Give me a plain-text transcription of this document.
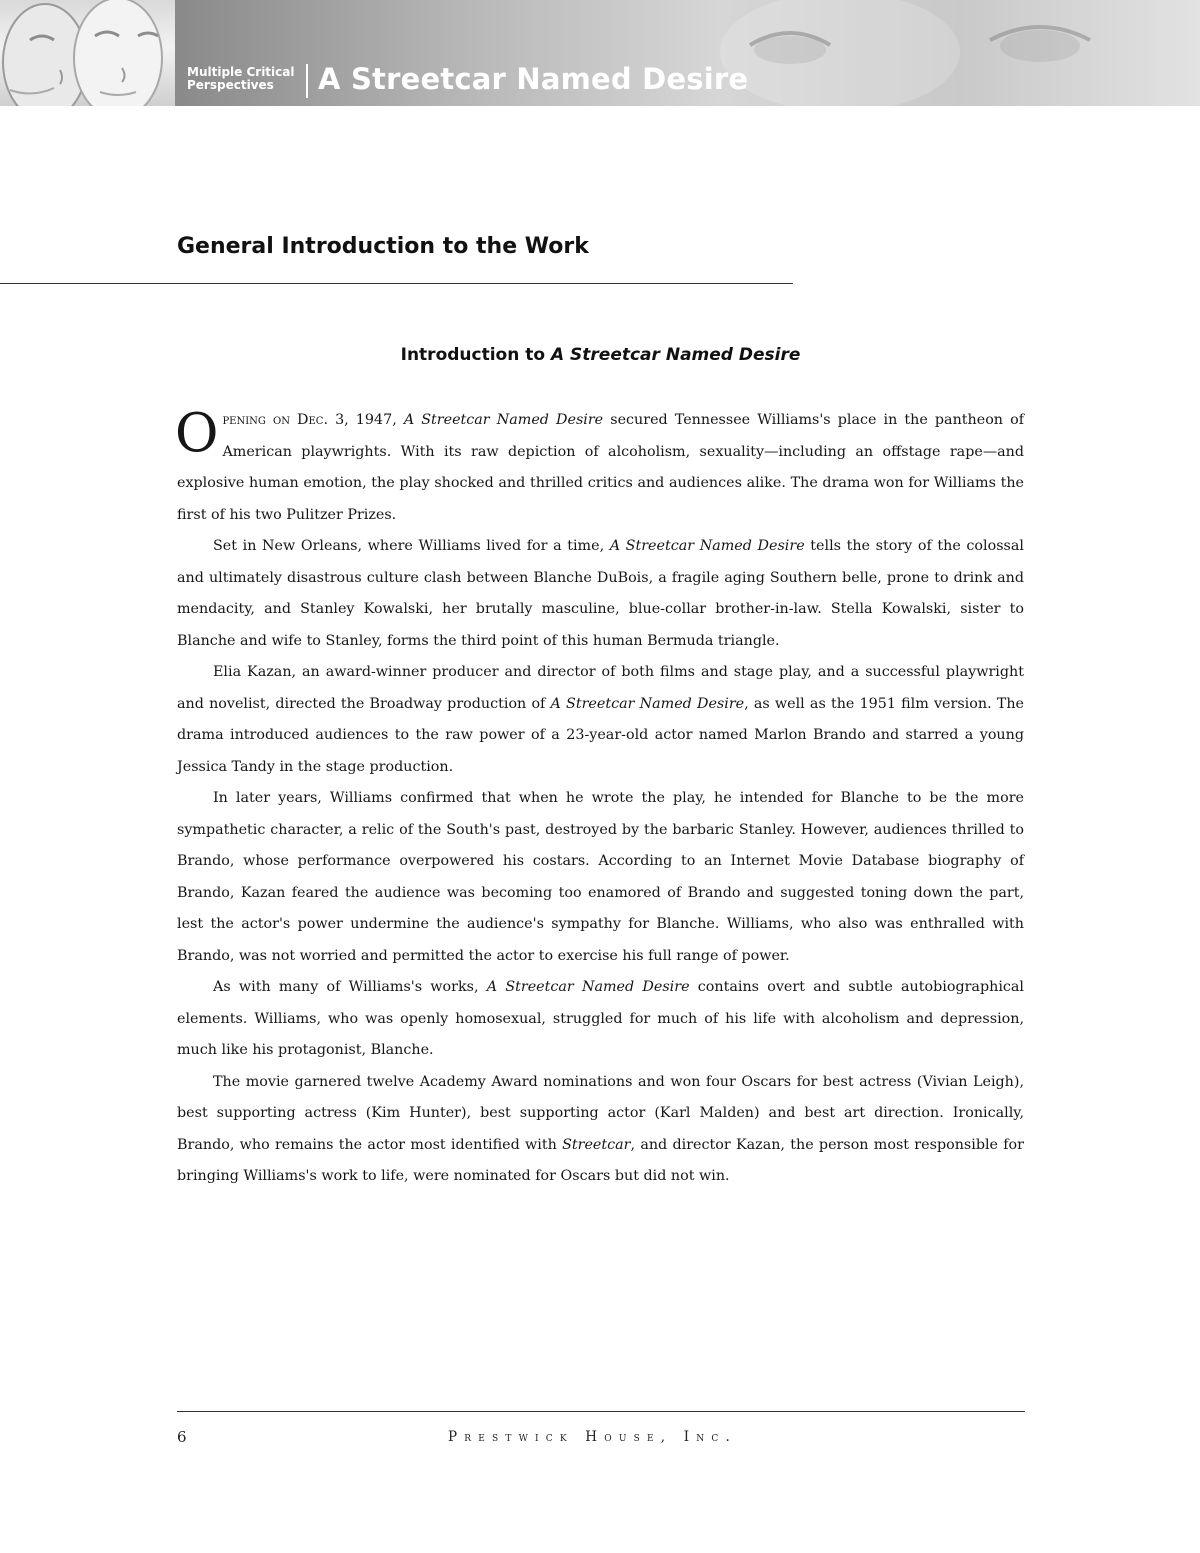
Multiple Critical
Perspectives	A Streetcar Named Desire
General Introduction to the Work
Introduction to A Streetcar Named Desire

Opening on Dec. 3, 1947, A Streetcar Named Desire secured Tennessee Williams's place in the pantheon of American playwrights. With its raw depiction of alcoholism, sexuality—including an offstage rape—and explosive human emotion, the play shocked and thrilled critics and audiences alike. The drama won for Williams the first of his two Pulitzer Prizes.

Set in New Orleans, where Williams lived for a time, A Streetcar Named Desire tells the story of the colossal and ultimately disastrous culture clash between Blanche DuBois, a fragile aging Southern belle, prone to drink and mendacity, and Stanley Kowalski, her brutally masculine, blue-collar brother-in-law. Stella Kowalski, sister to Blanche and wife to Stanley, forms the third point of this human Bermuda triangle.

Elia Kazan, an award-winner producer and director of both films and stage play, and a successful playwright and novelist, directed the Broadway production of A Streetcar Named Desire, as well as the 1951 film version. The drama introduced audiences to the raw power of a 23-year-old actor named Marlon Brando and starred a young Jessica Tandy in the stage production.

In later years, Williams confirmed that when he wrote the play, he intended for Blanche to be the more sympathetic character, a relic of the South's past, destroyed by the barbaric Stanley. However, audiences thrilled to Brando, whose performance overpowered his costars. According to an Internet Movie Database biography of Brando, Kazan feared the audience was becoming too enamored of Brando and suggested toning down the part, lest the actor's power undermine the audience's sympathy for Blanche. Williams, who also was enthralled with Brando, was not worried and permitted the actor to exercise his full range of power.

As with many of Williams's works, A Streetcar Named Desire contains overt and subtle autobiographical elements. Williams, who was openly homosexual, struggled for much of his life with alcoholism and depression, much like his protagonist, Blanche.

The movie garnered twelve Academy Award nominations and won four Oscars for best actress (Vivian Leigh), best supporting actress (Kim Hunter), best supporting actor (Karl Malden) and best art direction. Ironically, Brando, who remains the actor most identified with Streetcar, and director Kazan, the person most responsible for bringing Williams's work to life, were nominated for Oscars but did not win.

6	Prestwick House, Inc.
